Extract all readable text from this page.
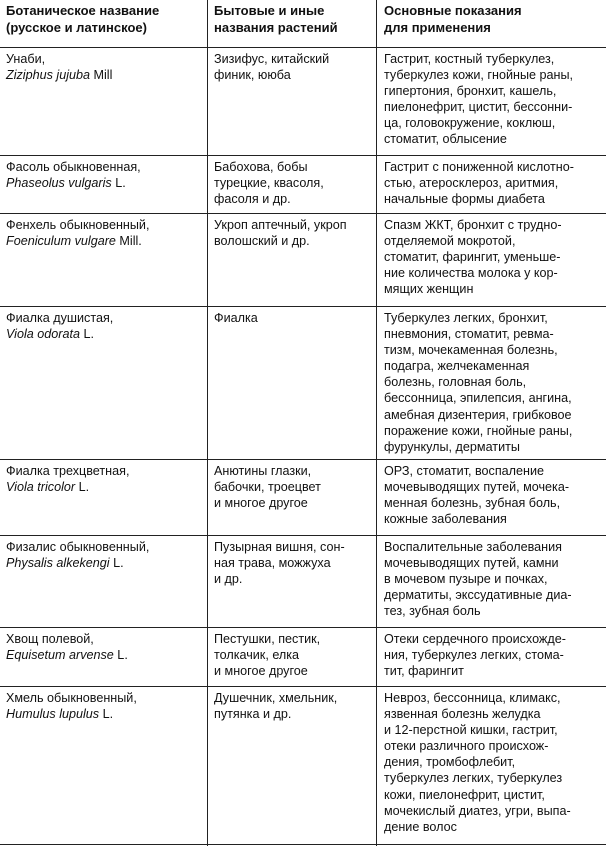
Ботаническое название
(русское и латинское)
Бытовые и иные
названия растений
Основные показания
для применения
Унаби,
Ziziphus jujuba Mill
Зизифус, китайский
финик, ююба
Гастрит, костный туберкулез,
туберкулез кожи, гнойные раны,
гипертония, бронхит, кашель,
пиелонефрит, цистит, бессонни-
ца, головокружение, коклюш,
стоматит, облысение
Фасоль обыкновенная,
Phaseolus vulgaris L.
Бабохова, бобы
турецкие, квасоля,
фасоля и др.
Гастрит с пониженной кислотно-
стью, атеросклероз, аритмия,
начальные формы диабета
Фенхель обыкновенный,
Foeniculum vulgare Mill.
Укроп аптечный, укроп
волошский и др.
Спазм ЖКТ, бронхит с трудно-
отделяемой мокротой,
стоматит, фарингит, уменьше-
ние количества молока у кор-
мящих женщин
Фиалка душистая,
Viola odorata L.
Фиалка	Туберкулез легких, бронхит,
пневмония, стоматит, ревма-
тизм, мочекаменная болезнь,
подагра, желчекаменная
болезнь, головная боль,
бессонница, эпилепсия, ангина,
амебная дизентерия, грибковое
поражение кожи, гнойные раны,
фурункулы, дерматиты
Фиалка трехцветная,
Viola tricolor L.
Анютины глазки,
бабочки, троецвет
и многое другое
ОРЗ, стоматит, воспаление
мочевыводящих путей, мочека-
менная болезнь, зубная боль,
кожные заболевания
Физалис обыкновенный,
Physalis alkekengi L.
Пузырная вишня, сон-
ная трава, можжуха
и др.
Воспалительные заболевания
мочевыводящих путей, камни
в мочевом пузыре и почках,
дерматиты, экссудативные диа-
тез, зубная боль
Хвощ полевой,
Equisetum arvense L.
Пестушки, пестик,
толкачик, елка
и многое другое
Отеки сердечного происхожде-
ния, туберкулез легких, стома-
тит, фарингит
Хмель обыкновенный,
Humulus lupulus L.
Душечник, хмельник,
путянка и др.
Невроз, бессонница, климакс,
язвенная болезнь желудка
и 12-перстной кишки, гастрит,
отеки различного происхож-
дения, тромбофлебит,
туберкулез легких, туберкулез
кожи, пиелонефрит, цистит,
мочекислый диатез, угри, выпа-
дение волос
